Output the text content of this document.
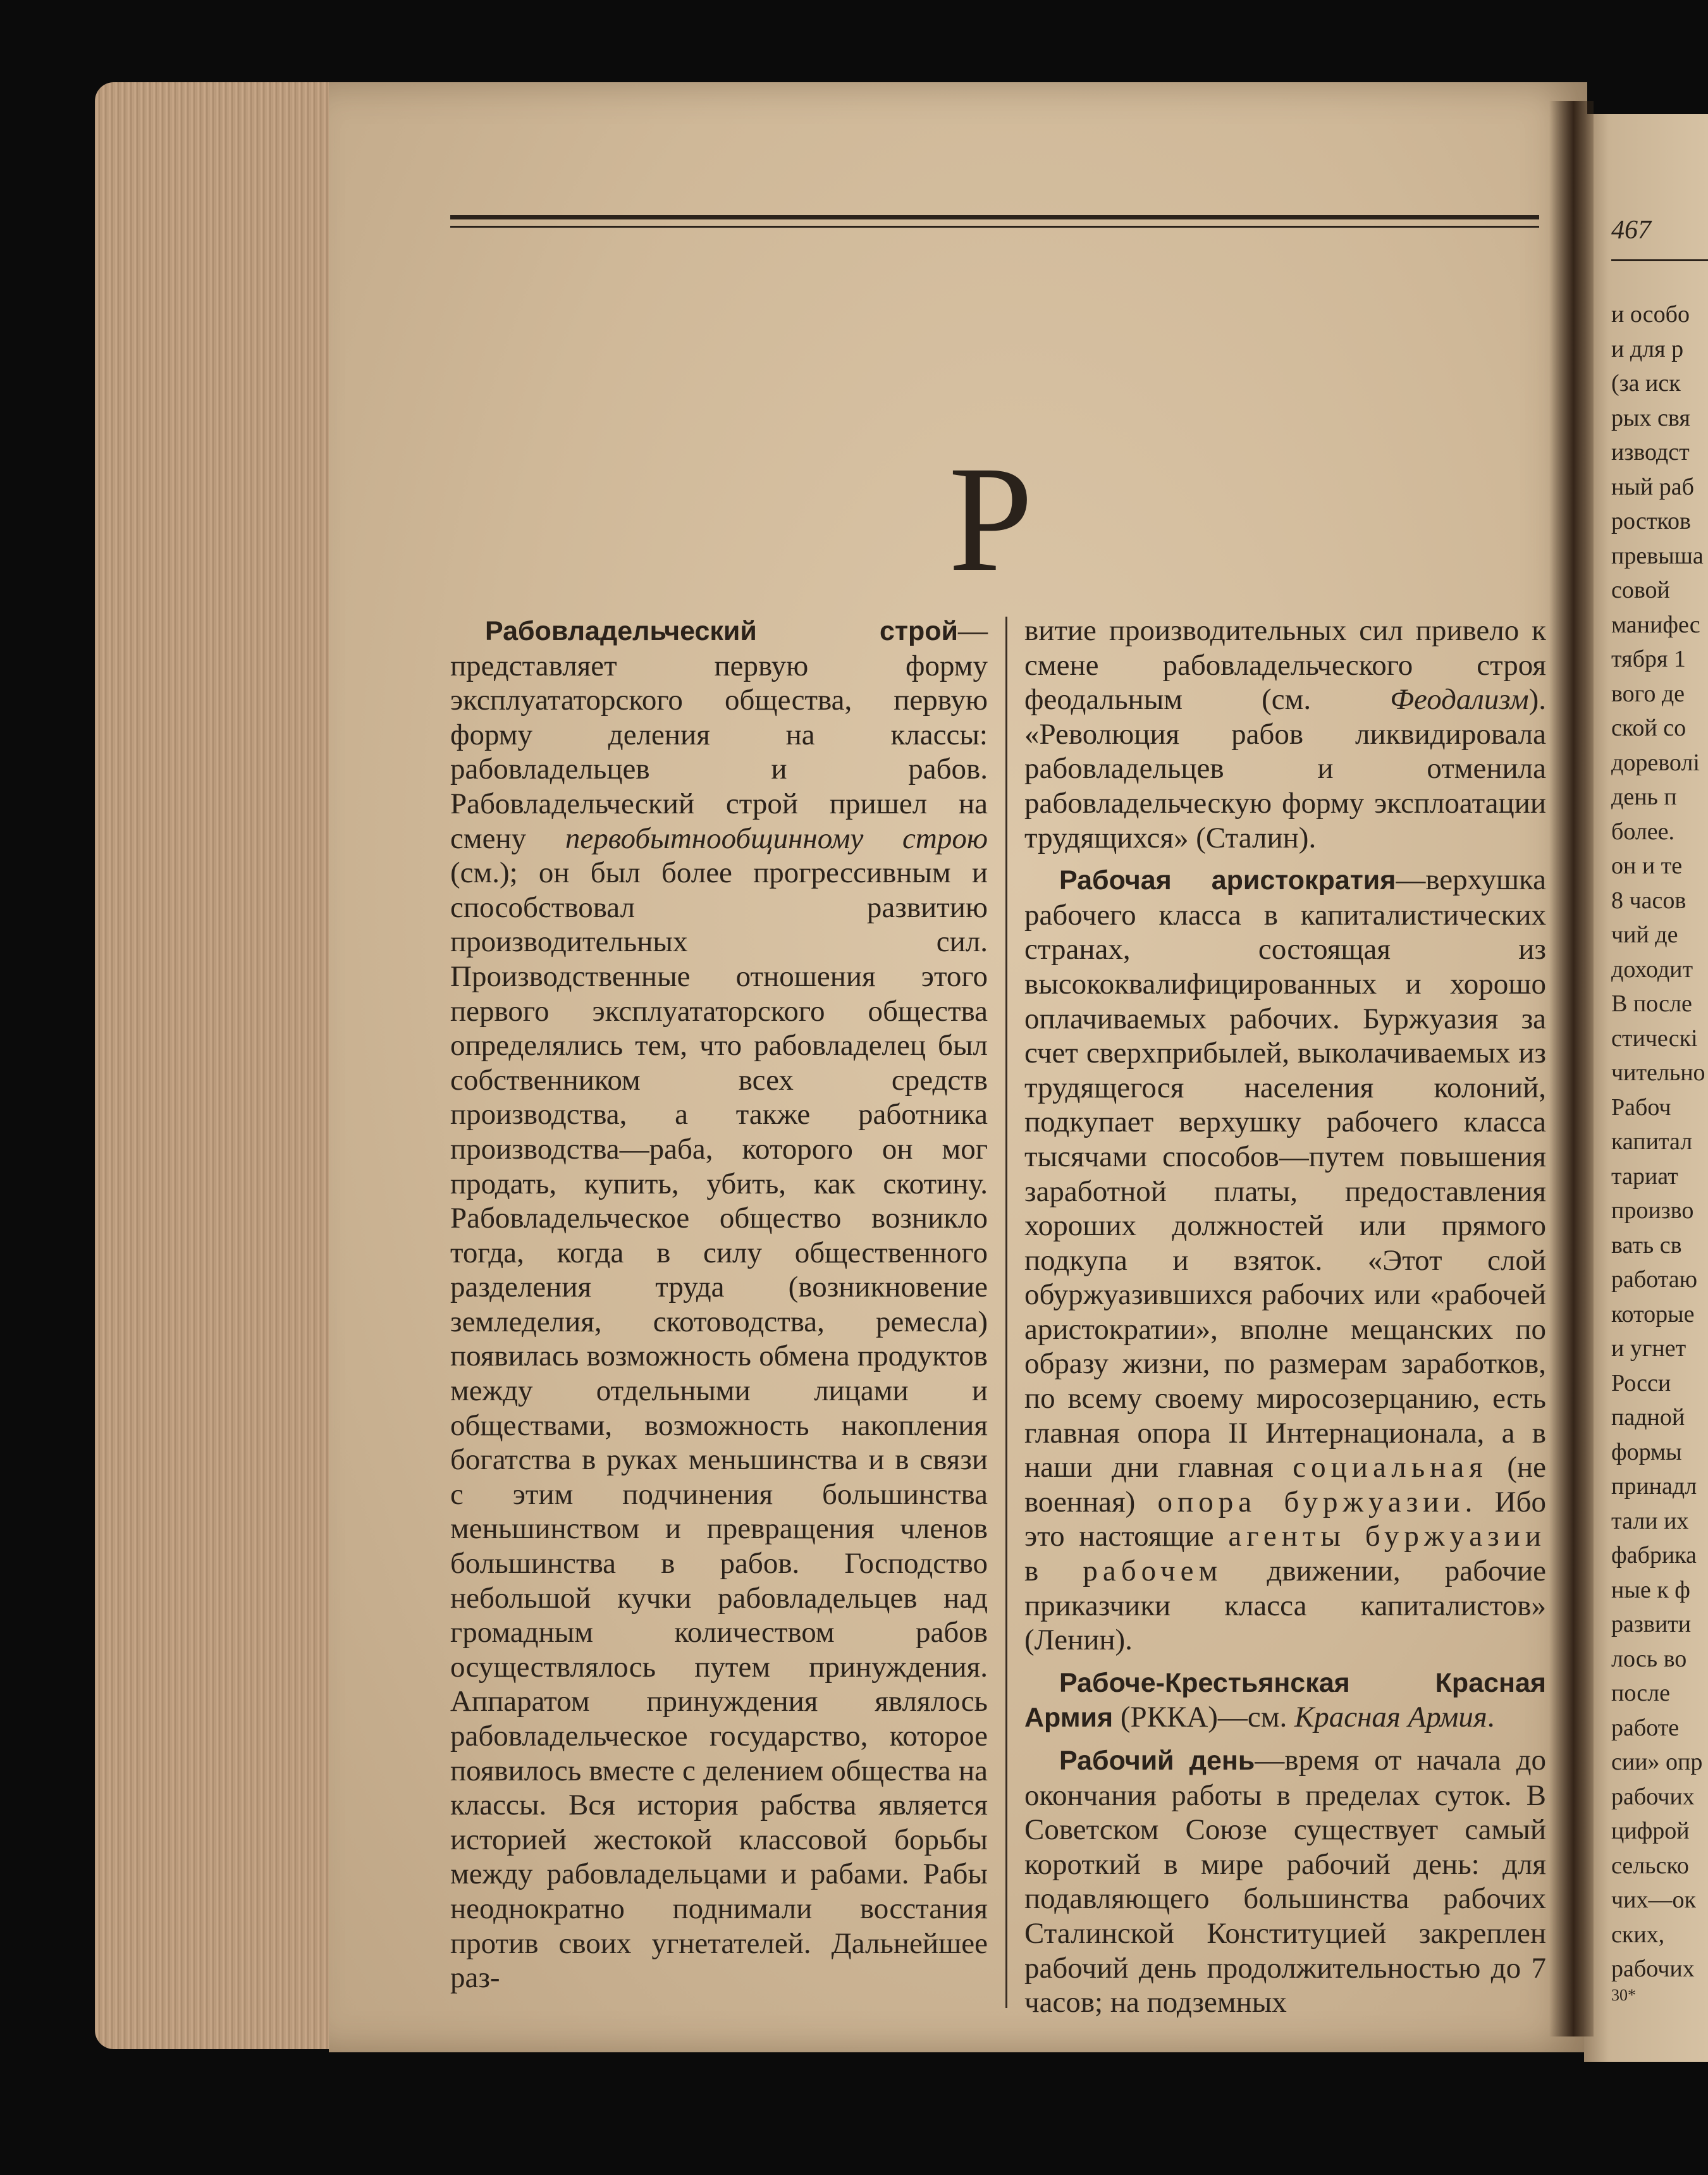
Р

Рабовладельческий строй—представляет первую форму эксплуататорского общества, первую форму деления на классы: рабовладельцев и рабов. Рабовладельческий строй пришел на смену первобытнообщинному строю (см.); он был более прогрессивным и способствовал развитию производительных сил. Производственные отношения этого первого эксплуататорского общества определялись тем, что рабовладелец был собственником всех средств производства, а также работника производства—раба, которого он мог продать, купить, убить, как скотину. Рабовладельческое общество возникло тогда, когда в силу общественного разделения труда (возникновение земледелия, скотоводства, ремесла) появилась возможность обмена продуктов между отдельными лицами и обществами, возможность накопления богатства в руках меньшинства и в связи с этим подчинения большинства меньшинством и превращения членов большинства в рабов. Господство небольшой кучки рабовладельцев над громадным количеством рабов осуществлялось путем принуждения. Аппаратом принуждения являлось рабовладельческое государство, которое появилось вместе с делением общества на классы. Вся история рабства является историей жестокой классовой борьбы между рабовладельцами и рабами. Рабы неоднократно поднимали восстания против своих угнетателей. Дальнейшее раз-

витие производительных сил привело к смене рабовладельческого строя феодальным (см. Феодализм). «Революция рабов ликвидировала рабовладельцев и отменила рабовладельческую форму эксплоатации трудящихся» (Сталин).

Рабочая аристократия—верхушка рабочего класса в капиталистических странах, состоящая из высококвалифицированных и хорошо оплачиваемых рабочих. Буржуазия за счет сверхприбылей, выколачиваемых из трудящегося населения колоний, подкупает верхушку рабочего класса тысячами способов—путем повышения заработной платы, предоставления хороших должностей или прямого подкупа и взяток. «Этот слой обуржуазившихся рабочих или «рабочей аристократии», вполне мещанских по образу жизни, по размерам заработков, по всему своему миросозерцанию, есть главная опора II Интернационала, а в наши дни главная социальная (не военная) опора буржуазии. Ибо это настоящие агенты буржуазии в рабочем движении, рабочие приказчики класса капиталистов» (Ленин).

Рабоче-Крестьянская Красная Армия (РККА)—см. Красная Армия.

Рабочий день—время от начала до окончания работы в пределах суток. В Советском Союзе существует самый короткий в мире рабочий день: для подавляющего большинства рабочих Сталинской Конституцией закреплен рабочий день продолжительностью до 7 часов; на подземных

467
и особо
и для р
(за иск
рых свя
изводст
ный раб
ростков
превыша
совой
манифес
тября 1
вого де
ской со
дореволі
день п
более.
он и те
8 часов
чий де
доходит
В после
стическі
чительно
Рабоч
капитал
тариат
произво
вать св
работаю
которые
и угнет
Росси
падной
формы
принадл
тали их
фабрика
ные к ф
развити
лось во
после
работе
сии» опр
рабочих
цифрой
сельско
чих—ок
ских,
рабочих
30*
